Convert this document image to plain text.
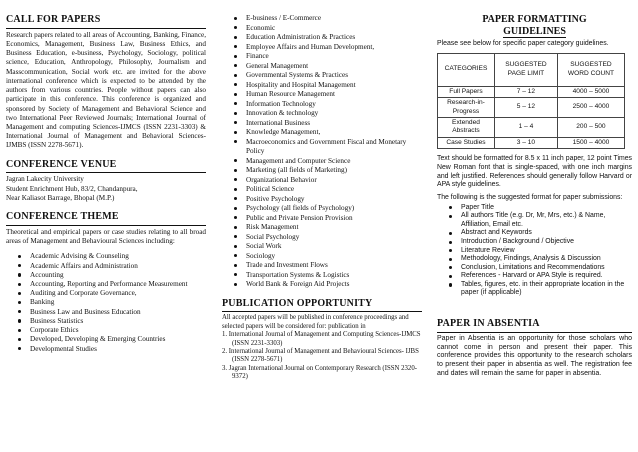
CALL FOR PAPERS

Research papers related to all areas of Accounting, Banking, Finance, Economics, Management, Business Law, Business Ethics, and Business Education, e-business, Psychology, Sociology, political science, Education, Anthropology, Philosophy, Journalism and Masscommunication, Social work etc. are invited for the above international conference which is expected to be attended by the authors from various countries. People without papers can also participate in this conference. This conference is organized and sponsored by Society of Management and Behavioral Science and two International Peer Reviewed Journals; International Journal of Management and computing Sciences-IJMCS (ISSN 2231-3303) & International Journal of Management and Behavioral Sciences- IJMBS (ISSN 2278-5671).

CONFERENCE VENUE

Jagran Lakecity University

Student Enrichment Hub, 83/2, Chandanpura,

Near Kaliasot Barrage, Bhopal (M.P.)

CONFERENCE THEME

Theoretical and empirical papers or case studies relating to all broad areas of Management and Behavioural Sciences including:

Academic Advising & Counseling
Academic Affairs and Administration
Accounting
Accounting, Reporting and Performance Measurement
Auditing and Corporate Governance,
Banking
Business Law and Business Education
Business Statistics
Corporate Ethics
Developed, Developing & Emerging Countries
Developmental Studies
E-business / E-Commerce
Economic
Education Administration & Practices
Employee Affairs and Human Development,
Finance
General Management
Governmental Systems & Practices
Hospitality and Hospital Management
Human Resource Management
Information Technology
Innovation & technology
International Business
Knowledge Management,
Macroeconomics and Government Fiscal and Monetary Policy
Management and Computer Science
Marketing (all fields of Marketing)
Organizational Behavior
Political Science
Positive Psychology
Psychology (all fields of Psychology)
Public and Private Pension Provision
Risk Management
Social Psychology
Social Work
Sociology
Trade and Investment Flows
Transportation Systems & Logistics
World Bank & Foreign Aid Projects
PUBLICATION OPPORTUNITY

All accepted papers will be published in conference proceedings and selected papers will be considered for: publication in

1. International Journal of Management and Computing Sciences-IJMCS (ISSN 2231-3303)
2. International Journal of Management and Behavioural Sciences- IJBS (ISSN 2278-5671)
3. Jagran International Journal on Contemporary Research (ISSN 2320-9372)
PAPER FORMATTING
GUIDELINES

Please see below for specific paper category guidelines.

CATEGORIES	SUGGESTED PAGE LIMIT	SUGGESTED WORD COUNT
Full Papers	7 – 12	4000 – 5000
Research-in-Progress	5 – 12	2500 – 4000
Extended Abstracts	1 – 4	200 – 500
Case Studies	3 – 10	1500 – 4000

Text should be formatted for 8.5 x 11 inch paper, 12 point Times New Roman font that is single-spaced, with one inch margins and left justified. References should generally follow Harvard or APA style guidelines.

The following is the suggested format for paper submissions:

Paper Title
All authors Title (e.g. Dr, Mr, Mrs, etc.) & Name, Affiliation, Email etc.
Abstract and Keywords
Introduction / Background / Objective
Literature Review
Methodology, Findings, Analysis & Discussion
Conclusion, Limitations and Recommendations
References - Harvard or APA Style is required.
Tables, figures, etc. in their appropriate location in the paper (if applicable)
PAPER IN ABSENTIA

Paper in Absentia is an opportunity for those scholars who cannot come in person and present their paper. This conference provides this opportunity to the research scholars to present their paper in absentia as well. The registration fee and dates will remain the same for paper in absentia.
